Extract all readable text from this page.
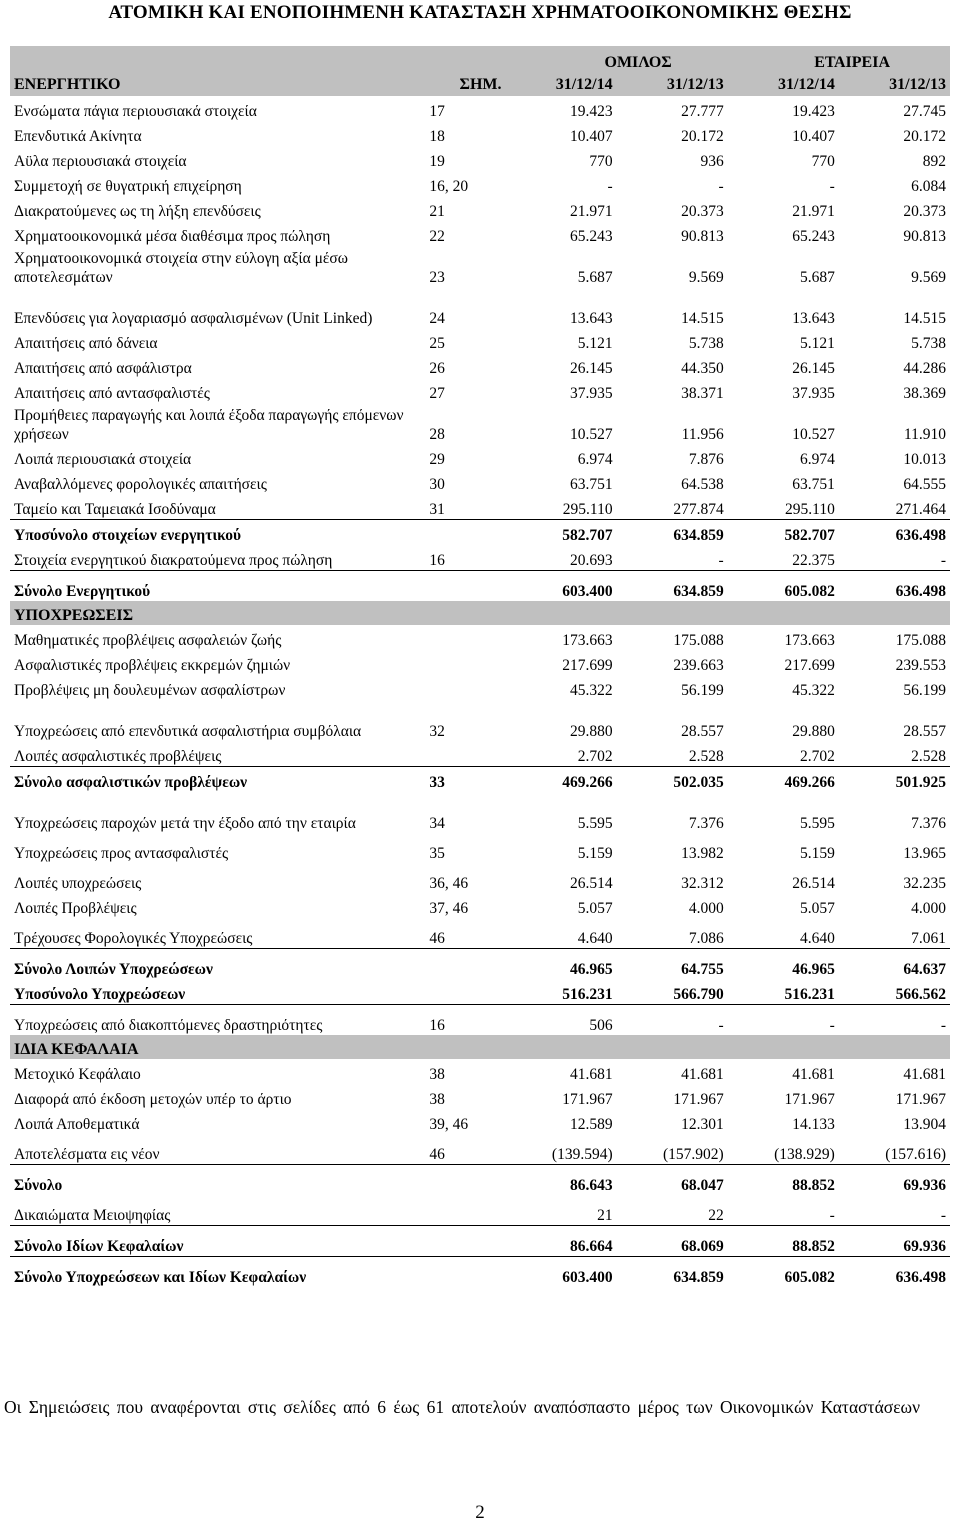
ΑΤΟΜΙΚΗ ΚΑΙ ΕΝΟΠΟΙΗΜΕΝΗ ΚΑΤΑΣΤΑΣΗ ΧΡΗΜΑΤΟΟΙΚΟΝΟΜΙΚΗΣ ΘΕΣΗΣ
		ΟΜΙΛΟΣ		ΕΤΑΙΡΕΙΑ	
ΕΝΕΡΓΗΤΙΚΟ	ΣΗΜ.	31/12/14	31/12/13	31/12/14	31/12/13
Ενσώματα πάγια περιουσιακά στοιχεία	17	19.423	27.777	19.423	27.745
Επενδυτικά Ακίνητα	18	10.407	20.172	10.407	20.172
Αϋλα περιουσιακά στοιχεία	19	770	936	770	892
Συμμετοχή σε θυγατρική επιχείρηση	16, 20	-	-	-	6.084
Διακρατούμενες ως τη λήξη επενδύσεις	21	21.971	20.373	21.971	20.373
Χρηματοοικονομικά μέσα διαθέσιμα προς πώληση	22	65.243	90.813	65.243	90.813
Χρηματοοικονομικά στοιχεία στην εύλογη αξία μέσω αποτελεσμάτων	23	5.687	9.569	5.687	9.569
Επενδύσεις για λογαριασμό ασφαλισμένων (Unit Linked)	24	13.643	14.515	13.643	14.515
Απαιτήσεις από δάνεια	25	5.121	5.738	5.121	5.738
Απαιτήσεις από ασφάλιστρα	26	26.145	44.350	26.145	44.286
Απαιτήσεις από αντασφαλιστές	27	37.935	38.371	37.935	38.369
Προμήθειες παραγωγής και λοιπά έξοδα παραγωγής επόμενων χρήσεων	28	10.527	11.956	10.527	11.910
Λοιπά περιουσιακά στοιχεία	29	6.974	7.876	6.974	10.013
Αναβαλλόμενες φορολογικές απαιτήσεις	30	63.751	64.538	63.751	64.555
Ταμείο και Ταμειακά Ισοδύναμα	31	295.110	277.874	295.110	271.464
Υποσύνολο στοιχείων ενεργητικού		582.707	634.859	582.707	636.498
Στοιχεία ενεργητικού διακρατούμενα προς πώληση	16	20.693	-	22.375	-
Σύνολο Ενεργητικού		603.400	634.859	605.082	636.498
ΥΠΟΧΡΕΩΣΕΙΣ					
Μαθηματικές προβλέψεις ασφαλειών ζωής		173.663	175.088	173.663	175.088
Ασφαλιστικές προβλέψεις εκκρεμών ζημιών		217.699	239.663	217.699	239.553
Προβλέψεις μη δουλευμένων ασφαλίστρων		45.322	56.199	45.322	56.199
Υποχρεώσεις από επενδυτικά ασφαλιστήρια συμβόλαια	32	29.880	28.557	29.880	28.557
Λοιπές ασφαλιστικές προβλέψεις		2.702	2.528	2.702	2.528
Σύνολο ασφαλιστικών προβλέψεων	33	469.266	502.035	469.266	501.925
Υποχρεώσεις παροχών μετά την έξοδο από την εταιρία	34	5.595	7.376	5.595	7.376
Υποχρεώσεις προς αντασφαλιστές	35	5.159	13.982	5.159	13.965
Λοιπές υποχρεώσεις	36, 46	26.514	32.312	26.514	32.235
Λοιπές Προβλέψεις	37, 46	5.057	4.000	5.057	4.000
Τρέχουσες Φορολογικές Υποχρεώσεις	46	4.640	7.086	4.640	7.061
Σύνολο Λοιπών Υποχρεώσεων		46.965	64.755	46.965	64.637
Υποσύνολο Υποχρεώσεων		516.231	566.790	516.231	566.562
Υποχρεώσεις από διακοπτόμενες δραστηριότητες	16	506	-	-	-
ΙΔΙΑ ΚΕΦΑΛΑΙΑ					
Μετοχικό Κεφάλαιο	38	41.681	41.681	41.681	41.681
Διαφορά από έκδοση μετοχών υπέρ το άρτιο	38	171.967	171.967	171.967	171.967
Λοιπά Αποθεματικά	39, 46	12.589	12.301	14.133	13.904
Αποτελέσματα εις νέον	46	(139.594)	(157.902)	(138.929)	(157.616)
Σύνολο		86.643	68.047	88.852	69.936
Δικαιώματα Μειοψηφίας		21	22	-	-
Σύνολο Ιδίων Κεφαλαίων		86.664	68.069	88.852	69.936
Σύνολο Υποχρεώσεων και Ιδίων Κεφαλαίων		603.400	634.859	605.082	636.498
Οι Σημειώσεις που αναφέρονται στις σελίδες από 6 έως 61 αποτελούν αναπόσπαστο μέρος των Οικονομικών Καταστάσεων
2
